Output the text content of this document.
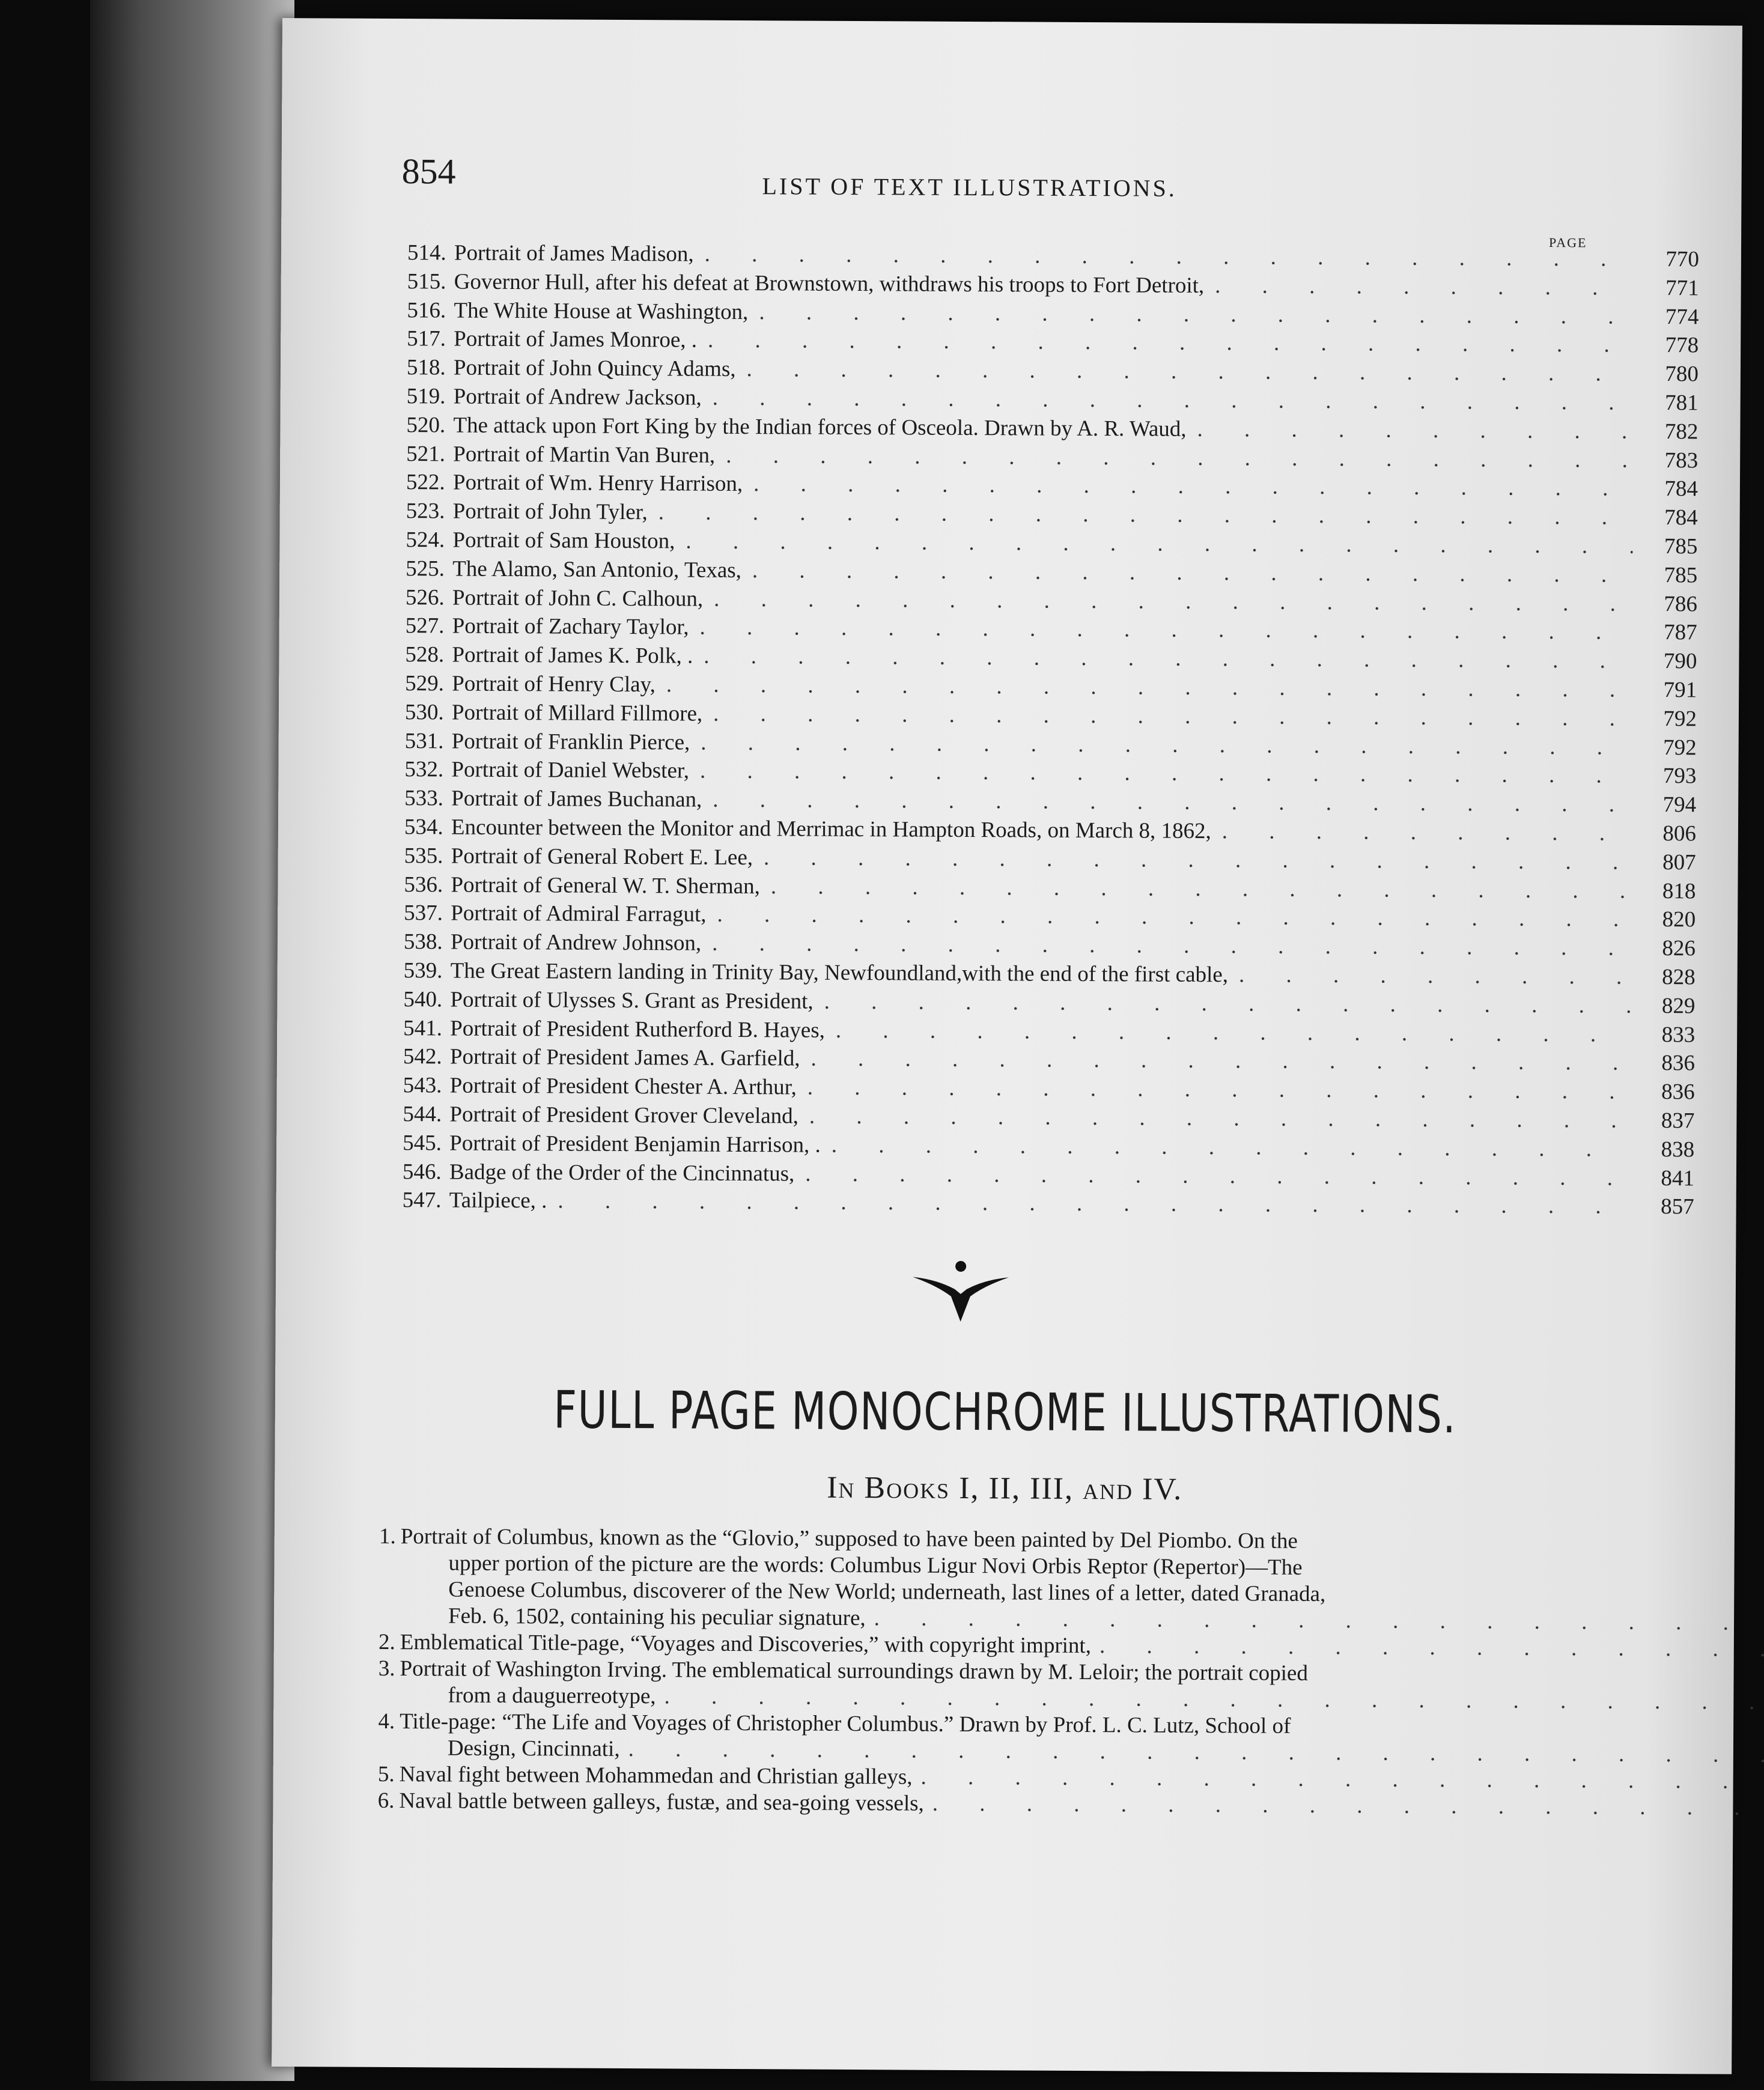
854	LIST OF TEXT ILLUSTRATIONS.
PAGE
514. Portrait of James Madison, . . .	770
515. Governor Hull, after his defeat at Brownstown, withdraws his troops to Fort Detroit, . . .	771
516. The White House at Washington, . . .	774
517. Portrait of James Monroe, . . . .	778
518. Portrait of John Quincy Adams, . . .	780
519. Portrait of Andrew Jackson, . . .	781
520. The attack upon Fort King by the Indian forces of Osceola. Drawn by A. R. Waud, . . .	782
521. Portrait of Martin Van Buren, . . .	783
522. Portrait of Wm. Henry Harrison, . . .	784
523. Portrait of John Tyler, . . .	784
524. Portrait of Sam Houston, . . .	785
525. The Alamo, San Antonio, Texas, . . .	785
526. Portrait of John C. Calhoun, . . .	786
527. Portrait of Zachary Taylor, . . .	787
528. Portrait of James K. Polk, . . . .	790
529. Portrait of Henry Clay, . . .	791
530. Portrait of Millard Fillmore, . . .	792
531. Portrait of Franklin Pierce, . . .	792
532. Portrait of Daniel Webster, . . .	793
533. Portrait of James Buchanan, . . .	794
534. Encounter between the Monitor and Merrimac in Hampton Roads, on March 8, 1862, . . .	806
535. Portrait of General Robert E. Lee, . . .	807
536. Portrait of General W. T. Sherman, . . .	818
537. Portrait of Admiral Farragut, . . .	820
538. Portrait of Andrew Johnson, . . .	826
539. The Great Eastern landing in Trinity Bay, Newfoundland,with the end of the first cable, . . .	828
540. Portrait of Ulysses S. Grant as President, . . .	829
541. Portrait of President Rutherford B. Hayes, . . .	833
542. Portrait of President James A. Garfield, . . .	836
543. Portrait of President Chester A. Arthur, . . .	836
544. Portrait of President Grover Cleveland, . . .	837
545. Portrait of President Benjamin Harrison, . . . .	838
546. Badge of the Order of the Cincinnatus, . . .	841
547. Tailpiece, . . . .	857
FULL PAGE MONOCHROME ILLUSTRATIONS.
In Books I, II, III, and IV.
1. Portrait of Columbus, known as the “Glovio,” supposed to have been painted by Del Piombo. On the
upper portion of the picture are the words: Columbus Ligur Novi Orbis Reptor (Repertor)—The
Genoese Columbus, discoverer of the New World; underneath, last lines of a letter, dated Granada,
Feb. 6, 1502, containing his peculiar signature,
. . .
2. Emblematical Title-page, “Voyages and Discoveries,” with copyright imprint,
. . .
3. Portrait of Washington Irving. The emblematical surroundings drawn by M. Leloir; the portrait copied
from a dauguerreotype,
. . .
4. Title-page: “The Life and Voyages of Christopher Columbus.” Drawn by Prof. L. C. Lutz, School of
Design, Cincinnati,
. . .
5. Naval fight between Mohammedan and Christian galleys,
. . .
6. Naval battle between galleys, fustæ, and sea-going vessels,
. . .
